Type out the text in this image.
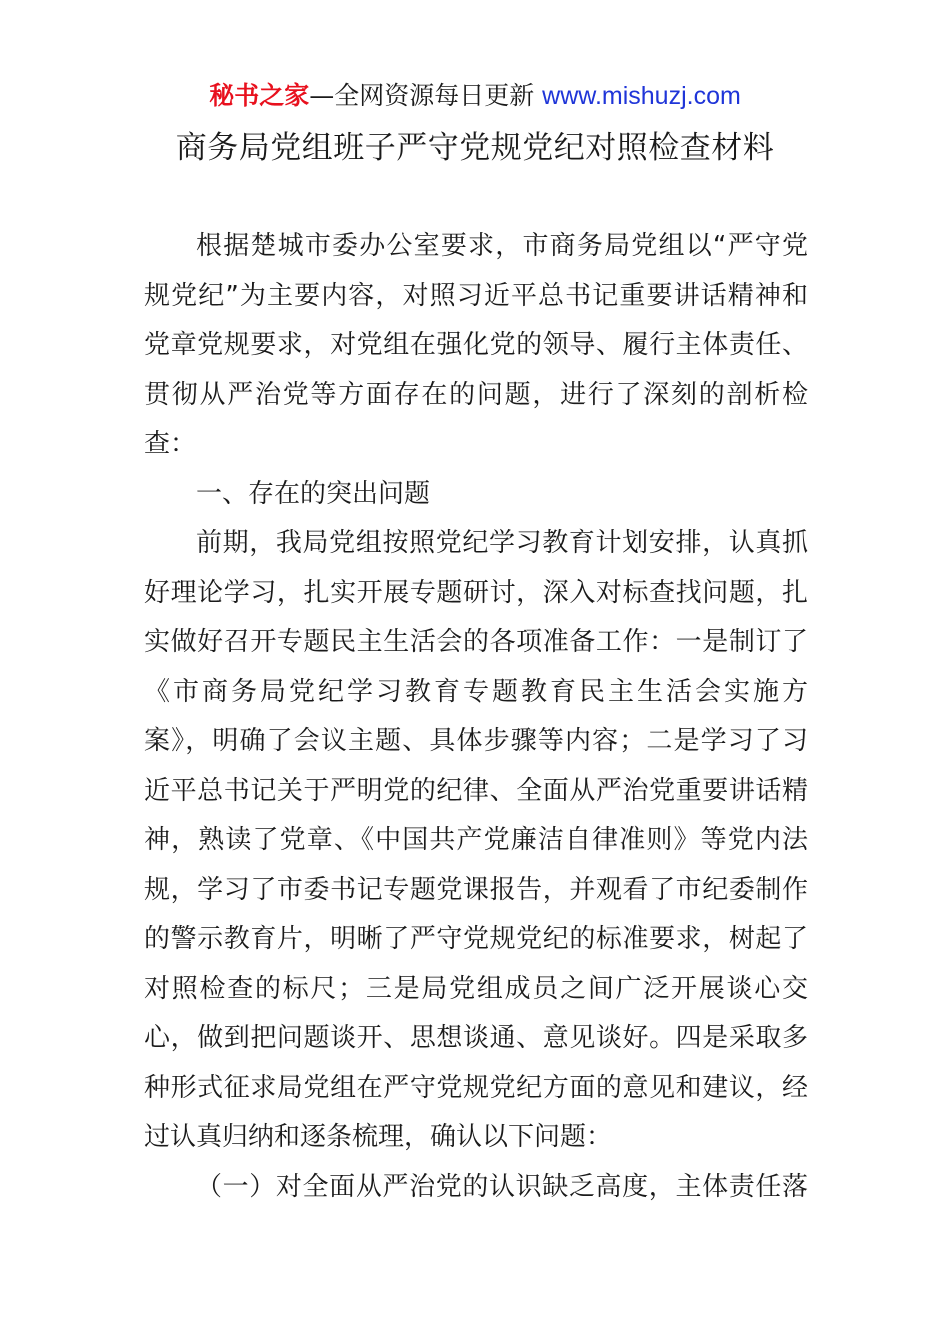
秘书之家—全网资源每日更新 www.mishuzj.com
商务局党组班子严守党规党纪对照检查材料
根据楚城市委办公室要求，市商务局党组以“严守党
规党纪”为主要内容，对照习近平总书记重要讲话精神和
党章党规要求，对党组在强化党的领导、履行主体责任、
贯彻从严治党等方面存在的问题，进行了深刻的剖析检
查：
一、存在的突出问题
前期，我局党组按照党纪学习教育计划安排，认真抓
好理论学习，扎实开展专题研讨，深入对标查找问题，扎
实做好召开专题民主生活会的各项准备工作：一是制订了
《市商务局党纪学习教育专题教育民主生活会实施方
案》，明确了会议主题、具体步骤等内容；二是学习了习
近平总书记关于严明党的纪律、全面从严治党重要讲话精
神，熟读了党章、《中国共产党廉洁自律准则》等党内法
规，学习了市委书记专题党课报告，并观看了市纪委制作
的警示教育片，明晰了严守党规党纪的标准要求，树起了
对照检查的标尺；三是局党组成员之间广泛开展谈心交
心，做到把问题谈开、思想谈通、意见谈好。四是采取多
种形式征求局党组在严守党规党纪方面的意见和建议，经
过认真归纳和逐条梳理，确认以下问题：
（一）对全面从严治党的认识缺乏高度，主体责任落
